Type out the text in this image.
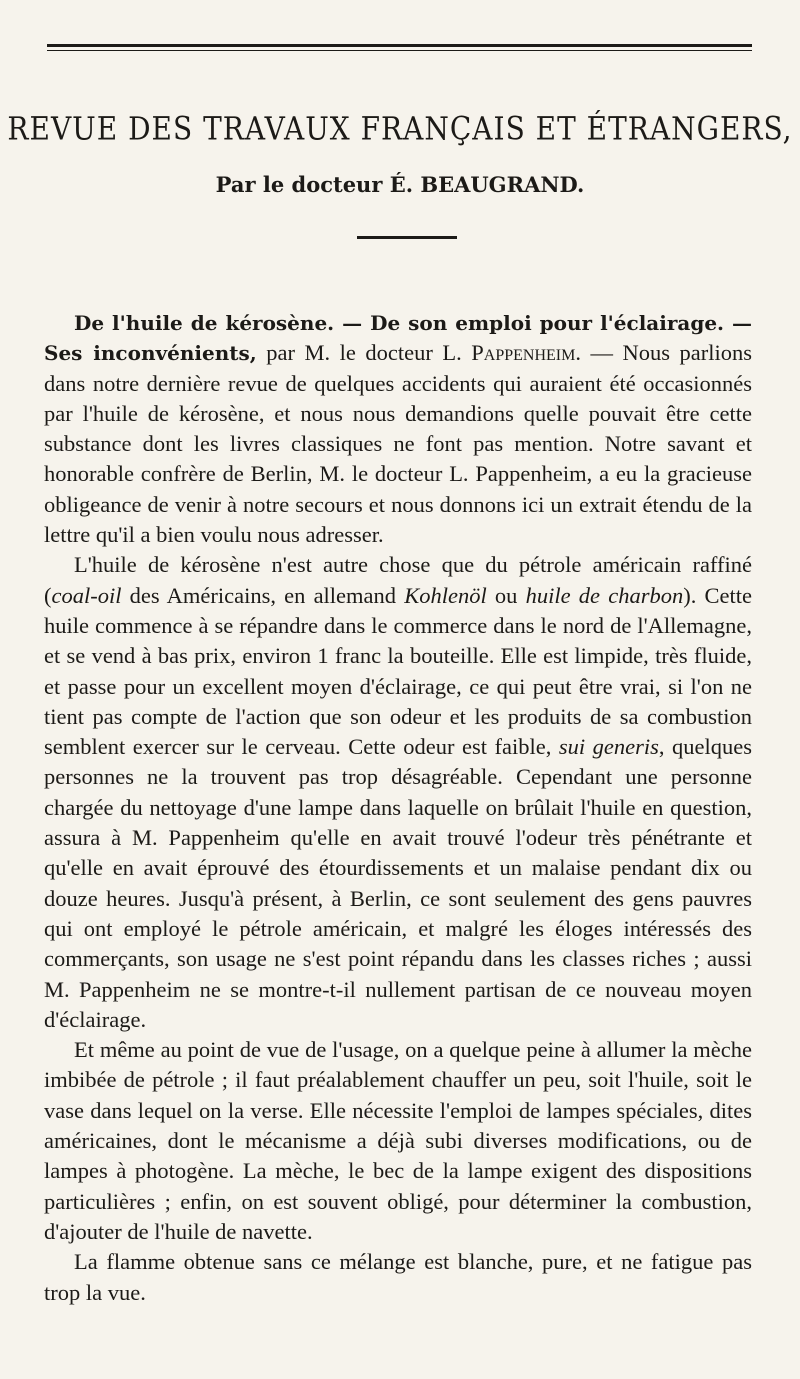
REVUE DES TRAVAUX FRANÇAIS ET ÉTRANGERS,

Par le docteur É. BEAUGRAND.

De l'huile de kérosène. — De son emploi pour l'éclairage. — Ses inconvénients, par M. le docteur L. Pappenheim. — Nous parlions dans notre dernière revue de quelques accidents qui auraient été occasionnés par l'huile de kérosène, et nous nous demandions quelle pouvait être cette substance dont les livres classiques ne font pas mention. Notre savant et honorable confrère de Berlin, M. le docteur L. Pappenheim, a eu la gracieuse obligeance de venir à notre secours et nous donnons ici un extrait étendu de la lettre qu'il a bien voulu nous adresser.

L'huile de kérosène n'est autre chose que du pétrole américain raffiné (coal-oil des Américains, en allemand Kohlenöl ou huile de charbon). Cette huile commence à se répandre dans le commerce dans le nord de l'Allemagne, et se vend à bas prix, environ 1 franc la bouteille. Elle est limpide, très fluide, et passe pour un excellent moyen d'éclairage, ce qui peut être vrai, si l'on ne tient pas compte de l'action que son odeur et les produits de sa combustion semblent exercer sur le cerveau. Cette odeur est faible, sui generis, quelques personnes ne la trouvent pas trop désagréable. Cependant une personne chargée du nettoyage d'une lampe dans laquelle on brûlait l'huile en question, assura à M. Pappenheim qu'elle en avait trouvé l'odeur très pénétrante et qu'elle en avait éprouvé des étourdissements et un malaise pendant dix ou douze heures. Jusqu'à présent, à Berlin, ce sont seulement des gens pauvres qui ont employé le pétrole américain, et malgré les éloges intéressés des commerçants, son usage ne s'est point répandu dans les classes riches ; aussi M. Pappenheim ne se montre-t-il nullement partisan de ce nouveau moyen d'éclairage.

Et même au point de vue de l'usage, on a quelque peine à allumer la mèche imbibée de pétrole ; il faut préalablement chauffer un peu, soit l'huile, soit le vase dans lequel on la verse. Elle nécessite l'emploi de lampes spéciales, dites américaines, dont le mécanisme a déjà subi diverses modifications, ou de lampes à photogène. La mèche, le bec de la lampe exigent des dispositions particulières ; enfin, on est souvent obligé, pour déterminer la combustion, d'ajouter de l'huile de navette.

La flamme obtenue sans ce mélange est blanche, pure, et ne fatigue pas trop la vue.
